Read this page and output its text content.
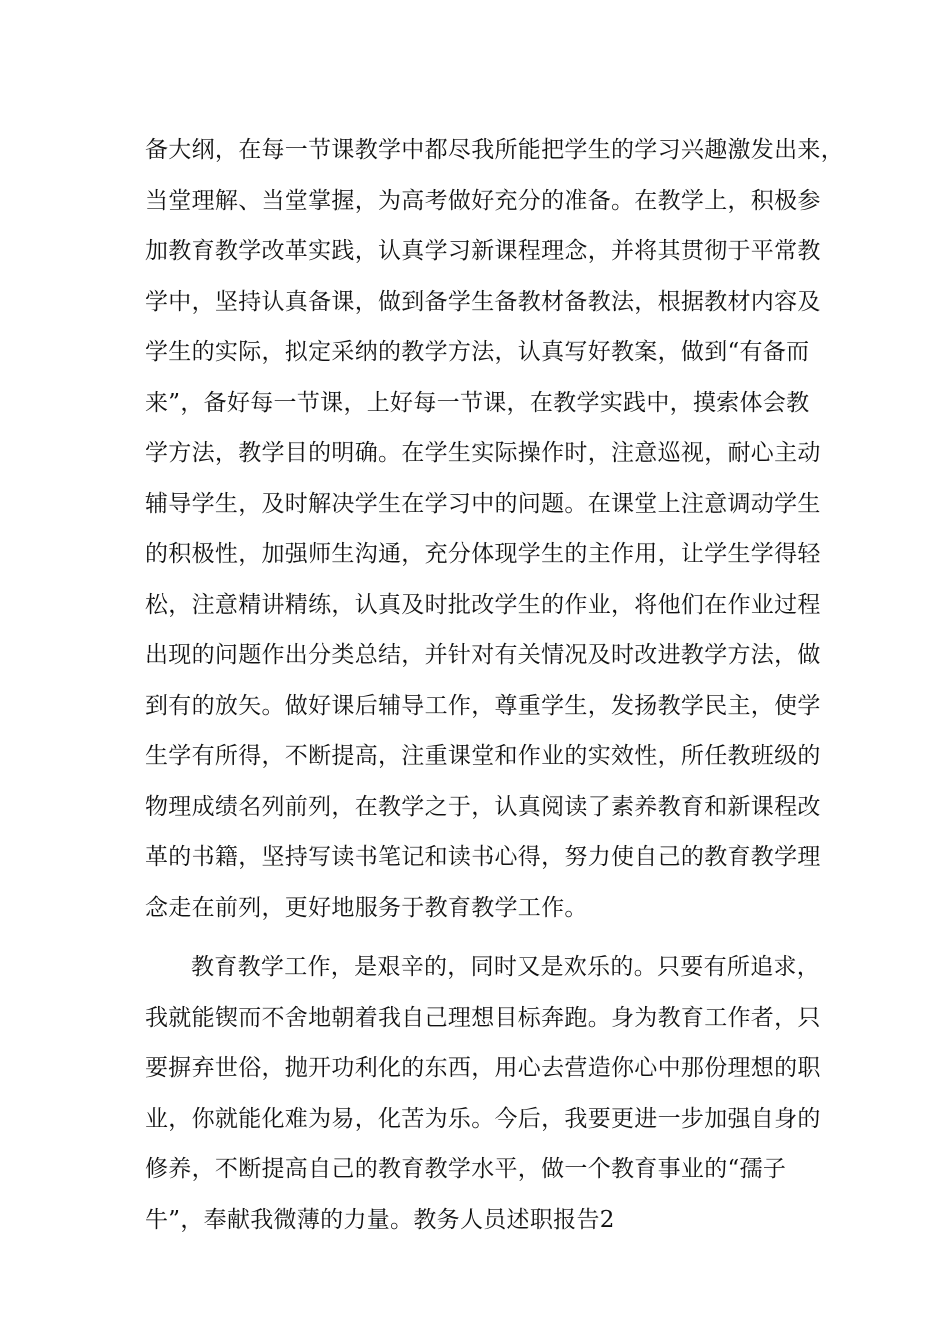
备大纲，在每一节课教学中都尽我所能把学生的学习兴趣激发出来，
当堂理解、当堂掌握，为高考做好充分的准备。在教学上，积极参
加教育教学改革实践，认真学习新课程理念，并将其贯彻于平常教
学中，坚持认真备课，做到备学生备教材备教法，根据教材内容及
学生的实际，拟定采纳的教学方法，认真写好教案，做到“有备而
来”，备好每一节课，上好每一节课，在教学实践中，摸索体会教
学方法，教学目的明确。在学生实际操作时，注意巡视，耐心主动
辅导学生，及时解决学生在学习中的问题。在课堂上注意调动学生
的积极性，加强师生沟通，充分体现学生的主作用，让学生学得轻
松，注意精讲精练，认真及时批改学生的作业，将他们在作业过程
出现的问题作出分类总结，并针对有关情况及时改进教学方法，做
到有的放矢。做好课后辅导工作，尊重学生，发扬教学民主，使学
生学有所得，不断提高，注重课堂和作业的实效性，所任教班级的
物理成绩名列前列，在教学之于，认真阅读了素养教育和新课程改
革的书籍，坚持写读书笔记和读书心得，努力使自己的教育教学理
念走在前列，更好地服务于教育教学工作。
教育教学工作，是艰辛的，同时又是欢乐的。只要有所追求，
我就能锲而不舍地朝着我自己理想目标奔跑。身为教育工作者，只
要摒弃世俗，抛开功利化的东西，用心去营造你心中那份理想的职
业，你就能化难为易，化苦为乐。今后，我要更进一步加强自身的
修养，不断提高自己的教育教学水平，做一个教育事业的“孺子
牛”，奉献我微薄的力量。教务人员述职报告2
